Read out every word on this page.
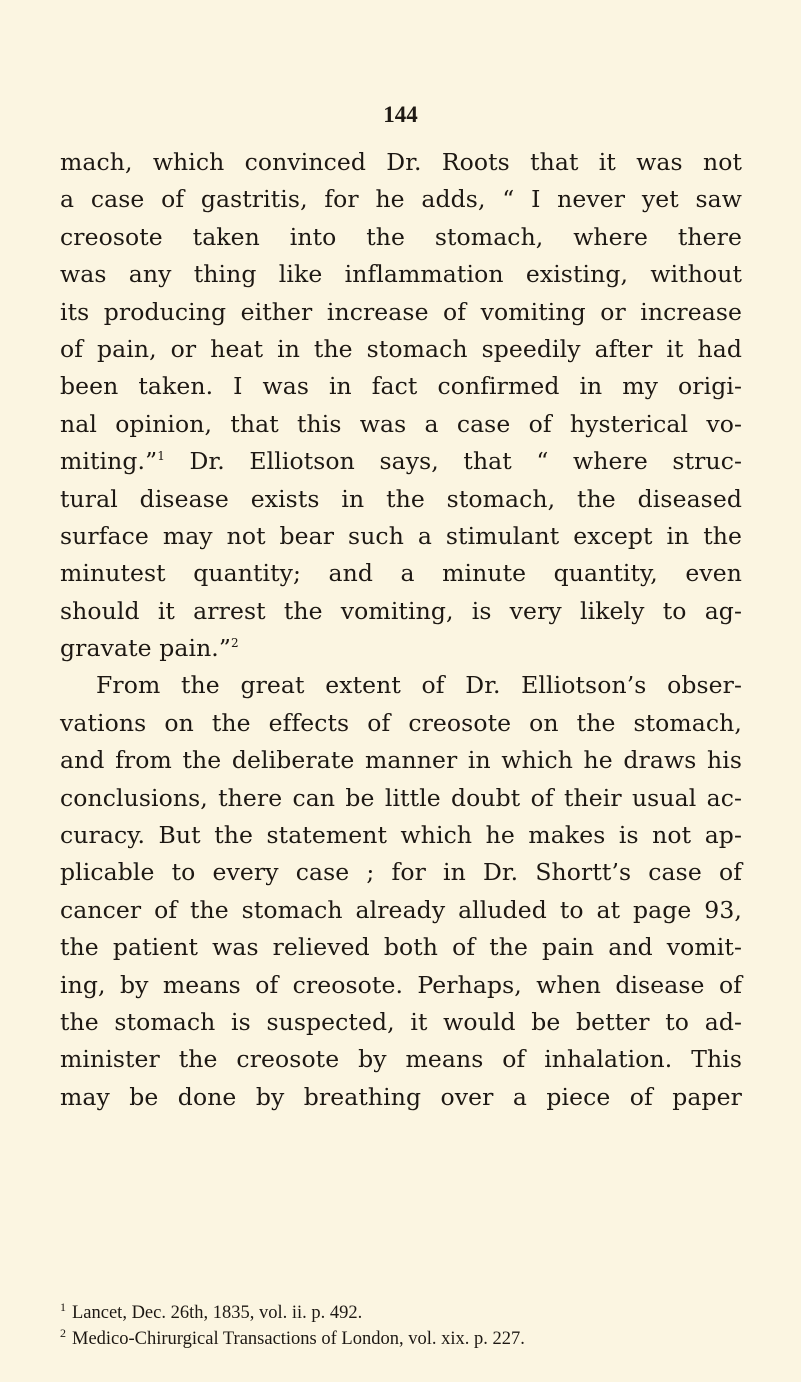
144
mach, which convinced Dr. Roots that it was not
a case of gastritis, for he adds, “ I never yet saw
creosote taken into the stomach, where there
was any thing like inflammation existing, without
its producing either increase of vomiting or increase
of pain, or heat in the stomach speedily after it had
been taken. I was in fact confirmed in my origi-
nal opinion, that this was a case of hysterical vo-
miting.”$^1$ Dr. Elliotson says, that “ where struc-
tural disease exists in the stomach, the diseased
surface may not bear such a stimulant except in the
minutest quantity; and a minute quantity, even
should it arrest the vomiting, is very likely to ag-
gravate pain.”$^2$
From the great extent of Dr. Elliotson’s obser-
vations on the effects of creosote on the stomach,
and from the deliberate manner in which he draws his
conclusions, there can be little doubt of their usual ac-
curacy. But the statement which he makes is not ap-
plicable to every case ; for in Dr. Shortt’s case of
cancer of the stomach already alluded to at page 93,
the patient was relieved both of the pain and vomit-
ing, by means of creosote. Perhaps, when disease of
the stomach is suspected, it would be better to ad-
minister the creosote by means of inhalation. This
may be done by breathing over a piece of paper
$^1$ Lancet, Dec. 26th, 1835, vol. ii. p. 492.
$^2$ Medico-Chirurgical Transactions of London, vol. xix. p. 227.
